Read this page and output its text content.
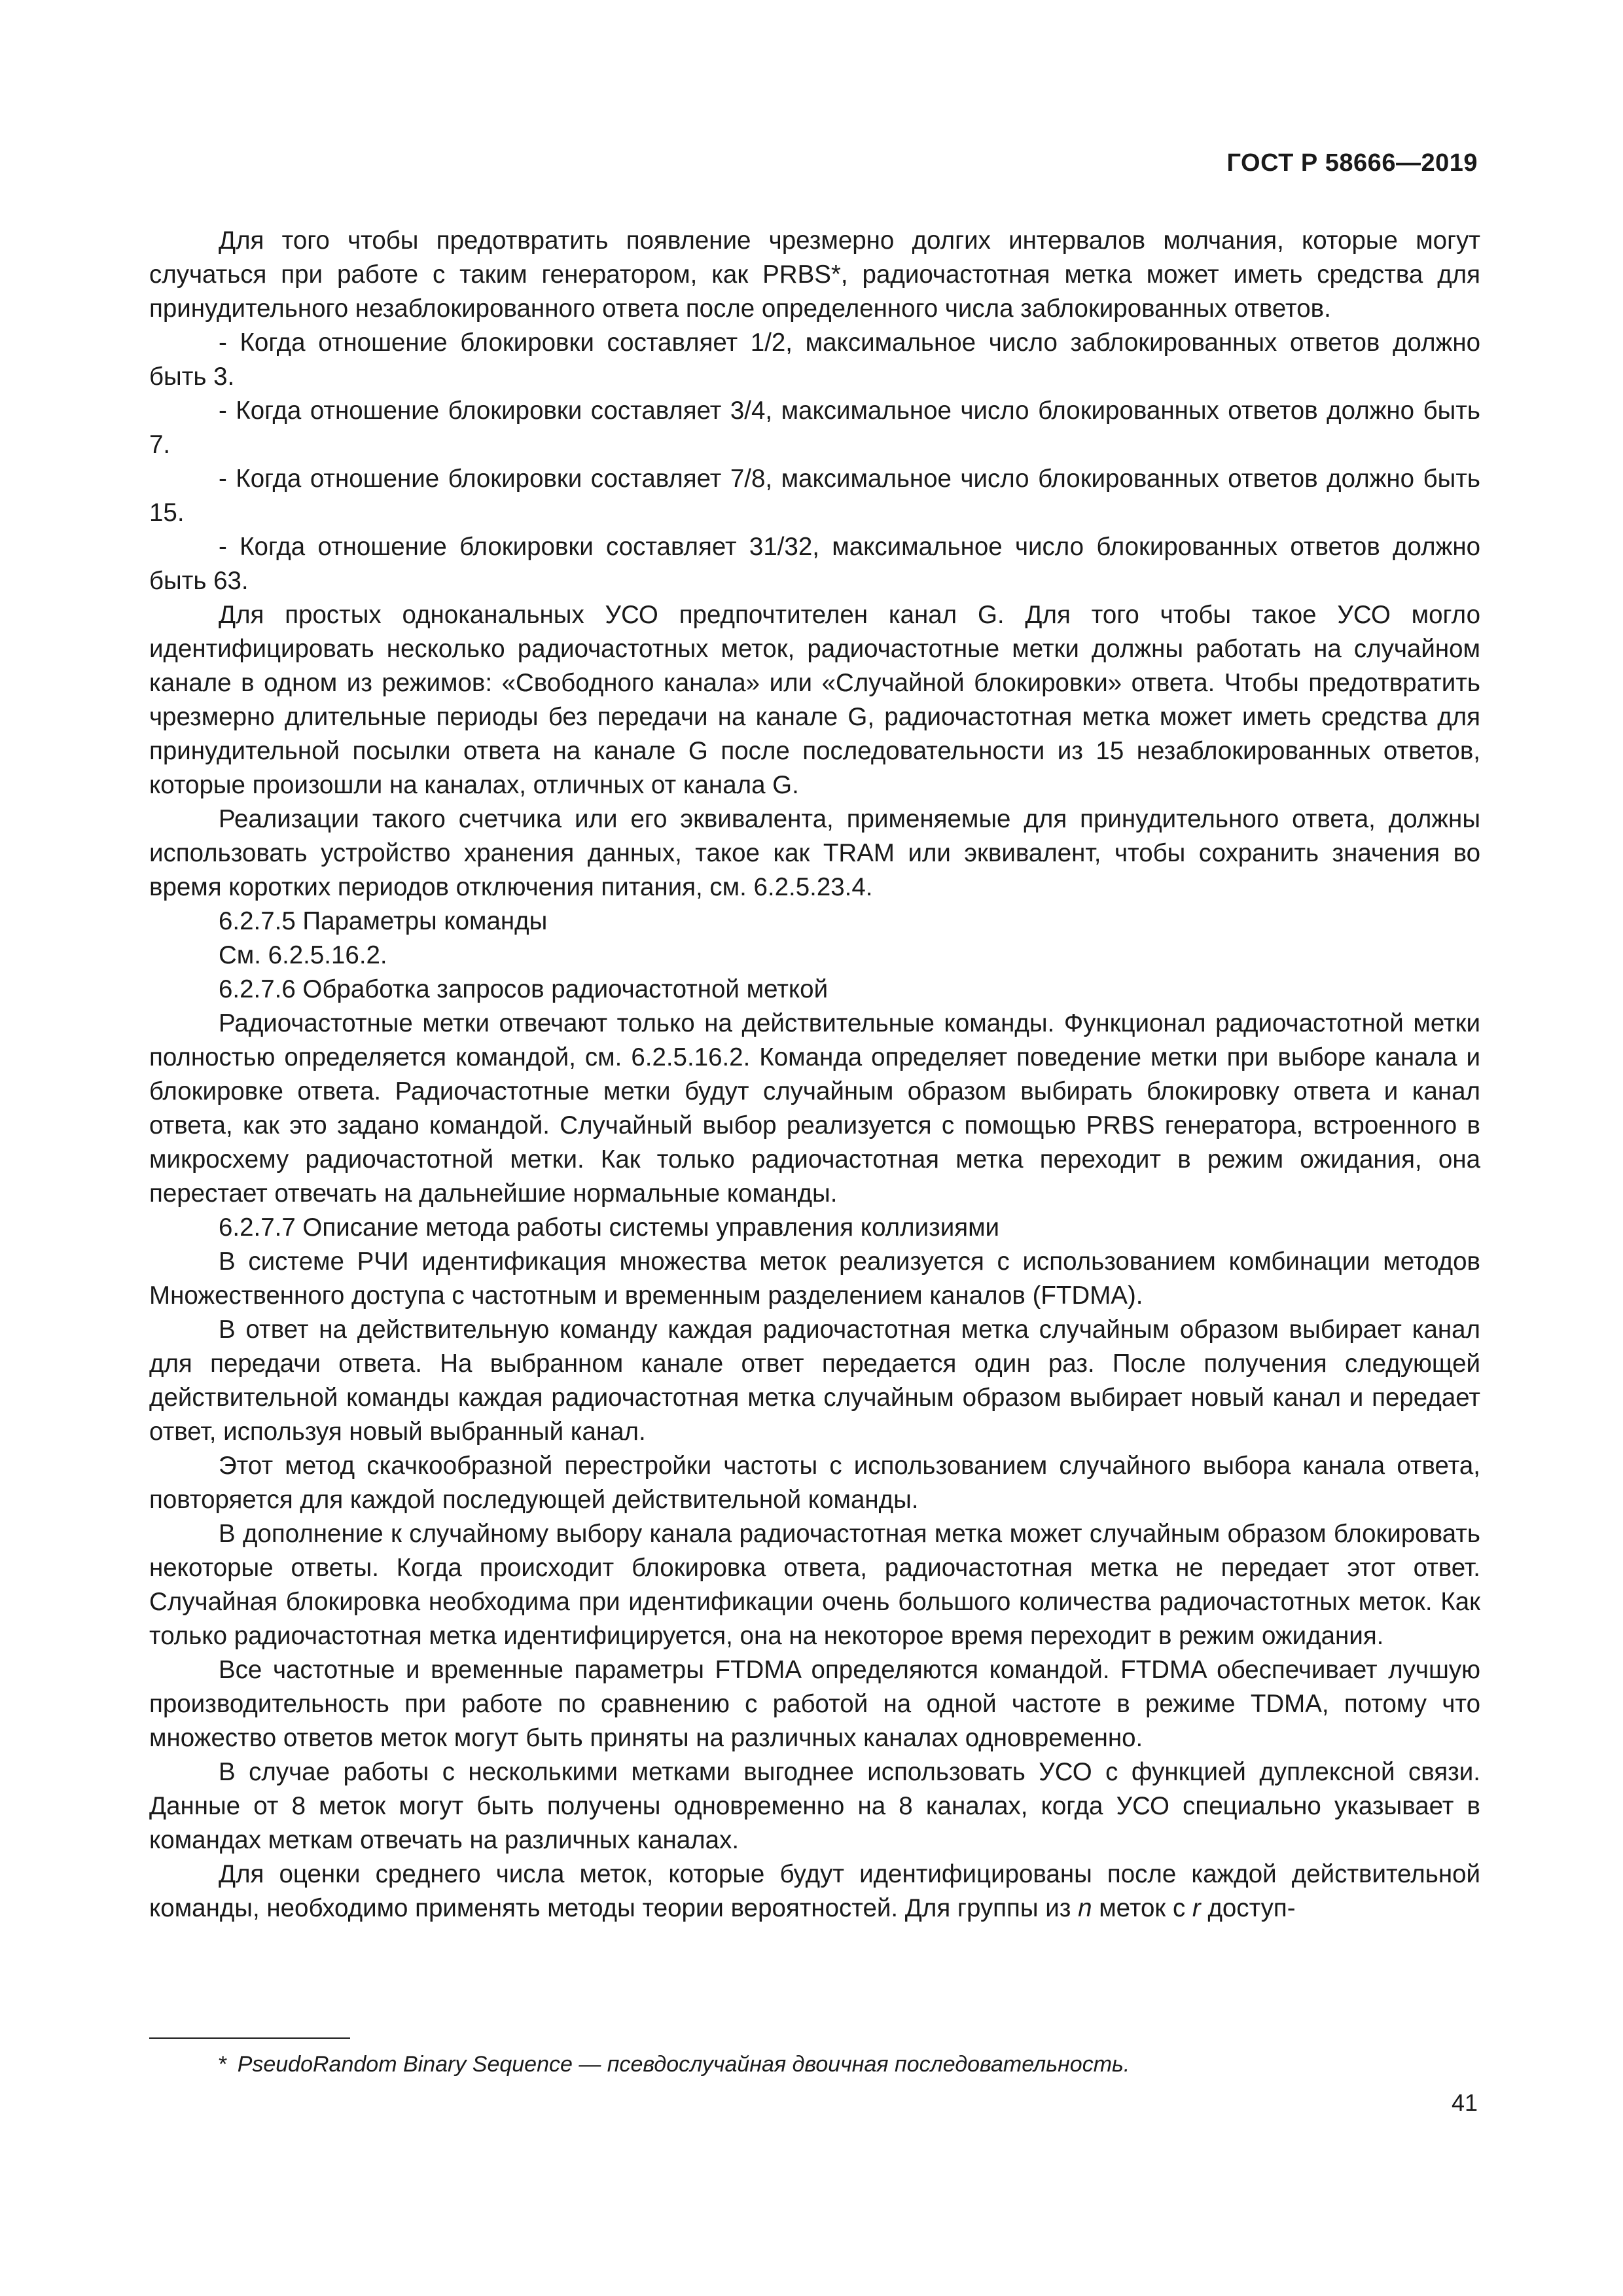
ГОСТ Р 58666—2019

Для того чтобы предотвратить появление чрезмерно долгих интервалов молчания, которые могут случаться при работе с таким генератором, как PRBS*, радиочастотная метка может иметь средства для принудительного незаблокированного ответа после определенного числа заблокированных ответов.

- Когда отношение блокировки составляет 1/2, максимальное число заблокированных ответов должно быть 3.

- Когда отношение блокировки составляет 3/4, максимальное число блокированных ответов должно быть 7.

- Когда отношение блокировки составляет 7/8, максимальное число блокированных ответов должно быть 15.

- Когда отношение блокировки составляет 31/32, максимальное число блокированных ответов должно быть 63.

Для простых одноканальных УСО предпочтителен канал G. Для того чтобы такое УСО могло идентифицировать несколько радиочастотных меток, радиочастотные метки должны работать на случайном канале в одном из режимов: «Свободного канала» или «Случайной блокировки» ответа. Чтобы предотвратить чрезмерно длительные периоды без передачи на канале G, радиочастотная метка может иметь средства для принудительной посылки ответа на канале G после последовательности из 15 незаблокированных ответов, которые произошли на каналах, отличных от канала G.

Реализации такого счетчика или его эквивалента, применяемые для принудительного ответа, должны использовать устройство хранения данных, такое как TRAM или эквивалент, чтобы сохранить значения во время коротких периодов отключения питания, см. 6.2.5.23.4.

6.2.7.5 Параметры команды

См. 6.2.5.16.2.

6.2.7.6 Обработка запросов радиочастотной меткой

Радиочастотные метки отвечают только на действительные команды. Функционал радиочастотной метки полностью определяется командой, см. 6.2.5.16.2. Команда определяет поведение метки при выборе канала и блокировке ответа. Радиочастотные метки будут случайным образом выбирать блокировку ответа и канал ответа, как это задано командой. Случайный выбор реализуется с помощью PRBS генератора, встроенного в микросхему радиочастотной метки. Как только радиочастотная метка переходит в режим ожидания, она перестает отвечать на дальнейшие нормальные команды.

6.2.7.7 Описание метода работы системы управления коллизиями

В системе РЧИ идентификация множества меток реализуется с использованием комбинации методов Множественного доступа с частотным и временным разделением каналов (FTDMA).

В ответ на действительную команду каждая радиочастотная метка случайным образом выбирает канал для передачи ответа. На выбранном канале ответ передается один раз. После получения следующей действительной команды каждая радиочастотная метка случайным образом выбирает новый канал и передает ответ, используя новый выбранный канал.

Этот метод скачкообразной перестройки частоты с использованием случайного выбора канала ответа, повторяется для каждой последующей действительной команды.

В дополнение к случайному выбору канала радиочастотная метка может случайным образом блокировать некоторые ответы. Когда происходит блокировка ответа, радиочастотная метка не передает этот ответ. Случайная блокировка необходима при идентификации очень большого количества радиочастотных меток. Как только радиочастотная метка идентифицируется, она на некоторое время переходит в режим ожидания.

Все частотные и временные параметры FTDMA определяются командой. FTDMA обеспечивает лучшую производительность при работе по сравнению с работой на одной частоте в режиме TDMA, потому что множество ответов меток могут быть приняты на различных каналах одновременно.

В случае работы с несколькими метками выгоднее использовать УСО с функцией дуплексной связи. Данные от 8 меток могут быть получены одновременно на 8 каналах, когда УСО специально указывает в командах меткам отвечать на различных каналах.

Для оценки среднего числа меток, которые будут идентифицированы после каждой действительной команды, необходимо применять методы теории вероятностей. Для группы из n меток с r доступ-

* PseudoRandom Binary Sequence — псевдослучайная двоичная последовательность.
41
